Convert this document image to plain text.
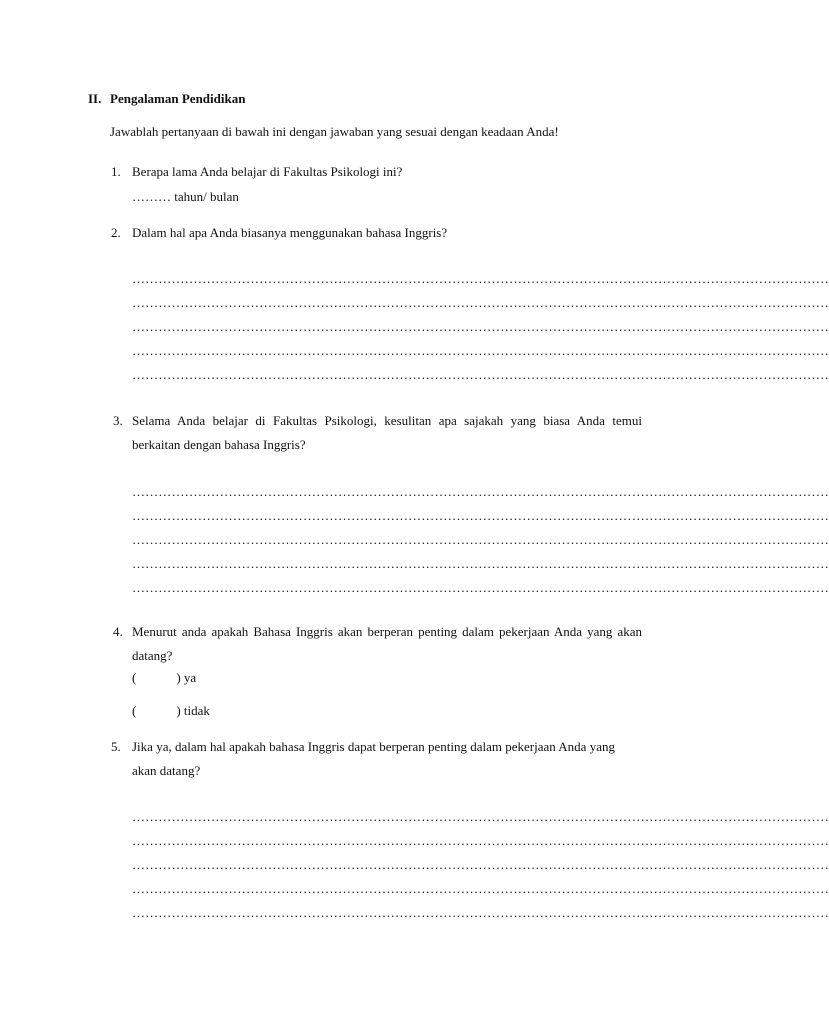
II. Pengalaman Pendidikan
Jawablah pertanyaan di bawah ini dengan jawaban yang sesuai dengan keadaan Anda!
1. Berapa lama Anda belajar di Fakultas Psikologi ini?
……… tahun/ bulan
2. Dalam hal apa Anda biasanya menggunakan bahasa Inggris?
……………………………………………………………………………………………………………………………………………
……………………………………………………………………………………………………………………………………………
……………………………………………………………………………………………………………………………………………
……………………………………………………………………………………………………………………………………………
……………………………………………………………………………………………………………………………………………
3. Selama Anda belajar di Fakultas Psikologi, kesulitan apa sajakah yang biasa Anda temui
berkaitan dengan bahasa Inggris?
……………………………………………………………………………………………………………………………………………
……………………………………………………………………………………………………………………………………………
……………………………………………………………………………………………………………………………………………
……………………………………………………………………………………………………………………………………………
……………………………………………………………………………………………………………………………………………
4. Menurut anda apakah Bahasa Inggris akan berperan penting dalam pekerjaan Anda yang akan
datang?
(	) ya
(	) tidak
5. Jika ya, dalam hal apakah bahasa Inggris dapat berperan penting dalam pekerjaan Anda yang
akan datang?
……………………………………………………………………………………………………………………………………………
……………………………………………………………………………………………………………………………………………
……………………………………………………………………………………………………………………………………………
……………………………………………………………………………………………………………………………………………
……………………………………………………………………………………………………………………………………………
